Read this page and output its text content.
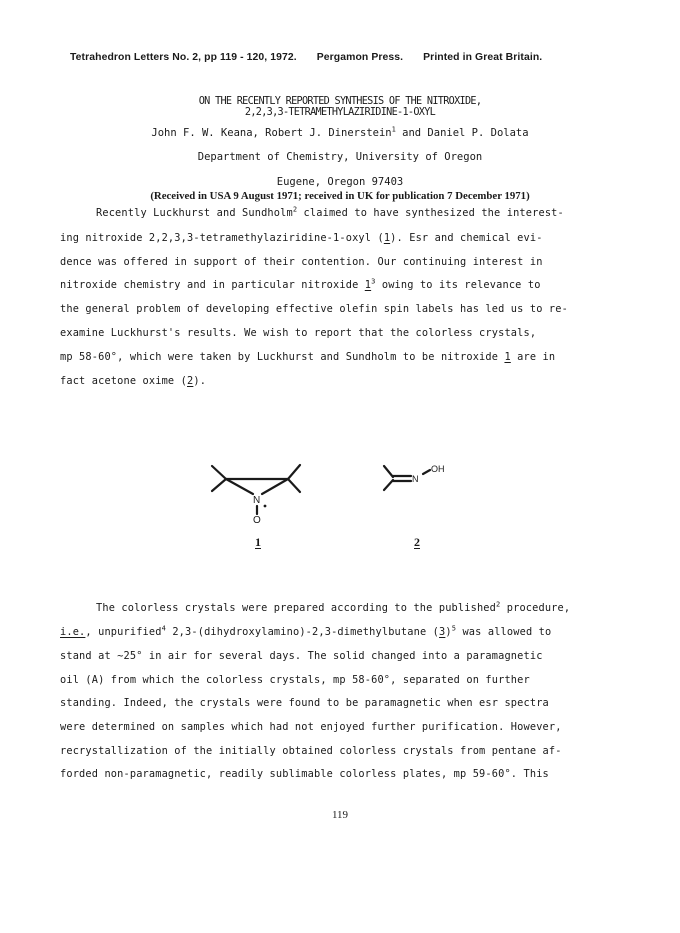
Tetrahedron Letters No. 2, pp 119 - 120, 1972. Pergamon Press. Printed in Great Britain.
ON THE RECENTLY REPORTED SYNTHESIS OF THE NITROXIDE,
2,2,3,3-TETRAMETHYLAZIRIDINE-1-OXYL
John F. W. Keana, Robert J. Dinerstein$^1$ and Daniel P. Dolata
Department of Chemistry, University of Oregon
Eugene, Oregon 97403
(Received in USA 9 August 1971; received in UK for publication 7 December 1971)
Recently Luckhurst and Sundholm$^2$ claimed to have synthesized the interest-
ing nitroxide 2,2,3,3-tetramethylaziridine-1-oxyl (1). Esr and chemical evi-
dence was offered in support of their contention. Our continuing interest in
nitroxide chemistry and in particular nitroxide $1^3$ owing to its relevance to
the general problem of developing effective olefin spin labels has led us to re-
examine Luckhurst's results. We wish to report that the colorless crystals,
mp 58-60°, which were taken by Luckhurst and Sundholm to be nitroxide 1 are in
fact acetone oxime (2).
N
O
N
OH
1	2
The colorless crystals were prepared according to the published$^2$ procedure,
i.e., unpurified$^4$ 2,3-(dihydroxylamino)-2,3-dimethylbutane $(3)^5$ was allowed to
stand at ∼25° in air for several days. The solid changed into a paramagnetic
oil (A) from which the colorless crystals, mp 58-60°, separated on further
standing. Indeed, the crystals were found to be paramagnetic when esr spectra
were determined on samples which had not enjoyed further purification. However,
recrystallization of the initially obtained colorless crystals from pentane af-
forded non-paramagnetic, readily sublimable colorless plates, mp 59-60°. This
119
